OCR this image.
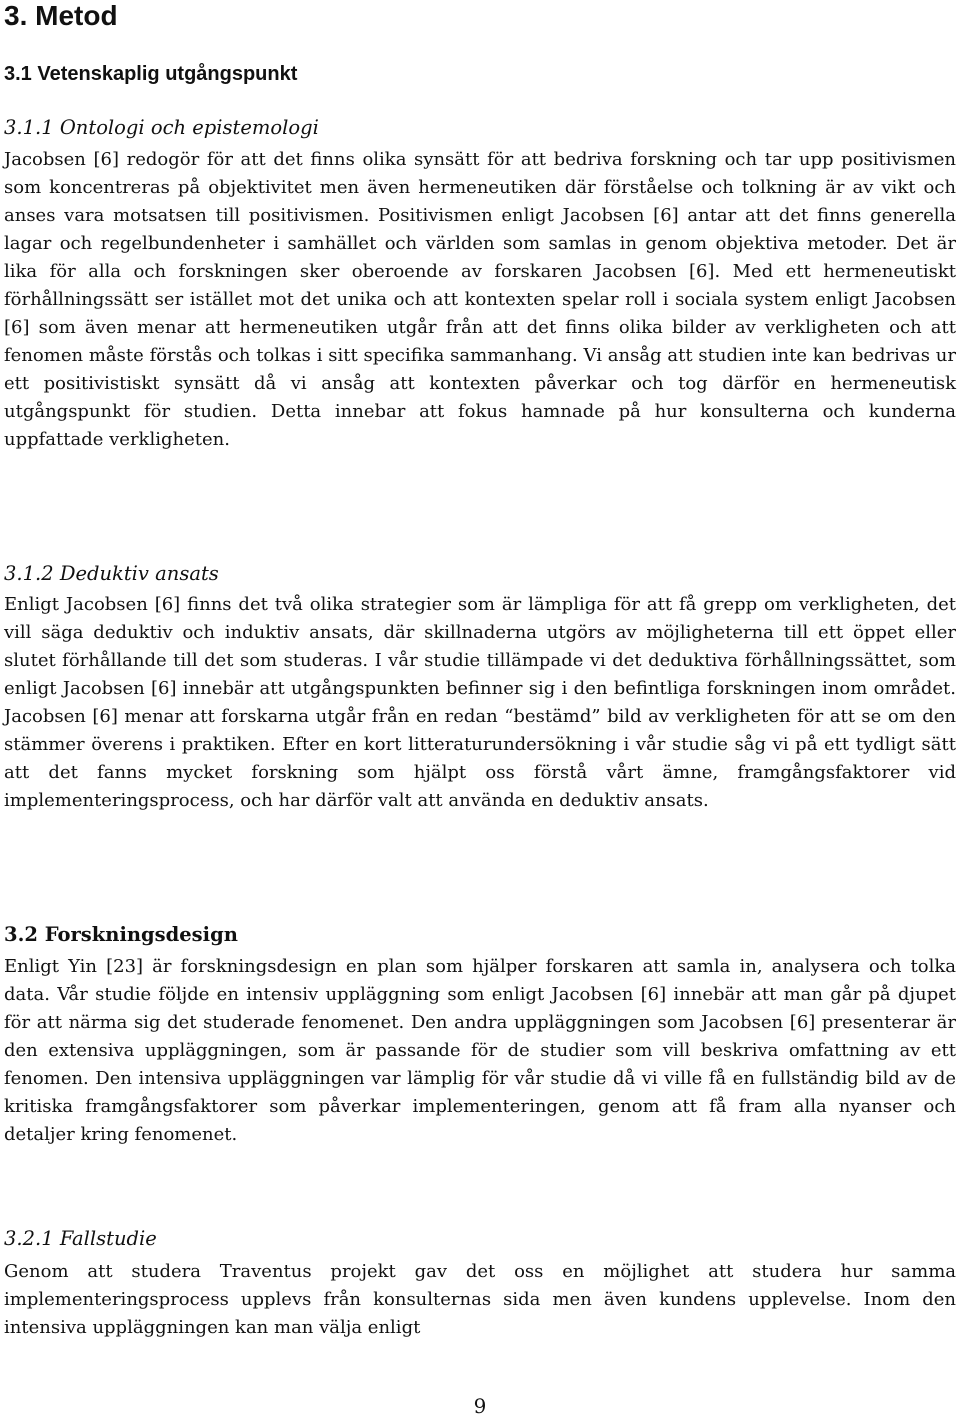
3. Metod
3.1 Vetenskaplig utgångspunkt
3.1.1 Ontologi och epistemologi

Jacobsen [6] redogör för att det finns olika synsätt för att bedriva forskning och tar upp positivismen som koncentreras på objektivitet men även hermeneutiken där förståelse och tolkning är av vikt och anses vara motsatsen till positivismen. Positivismen enligt Jacobsen [6] antar att det finns generella lagar och regelbundenheter i samhället och världen som samlas in genom objektiva metoder. Det är lika för alla och forskningen sker oberoende av forskaren Jacobsen [6]. Med ett hermeneutiskt förhållningssätt ser istället mot det unika och att kontexten spelar roll i sociala system enligt Jacobsen [6] som även menar att hermeneutiken utgår från att det finns olika bilder av verkligheten och att fenomen måste förstås och tolkas i sitt specifika sammanhang. Vi ansåg att studien inte kan bedrivas ur ett positivistiskt synsätt då vi ansåg att kontexten påverkar och tog därför en hermeneutisk utgångspunkt för studien. Detta innebar att fokus hamnade på hur konsulterna och kunderna uppfattade verkligheten.

3.1.2 Deduktiv ansats

Enligt Jacobsen [6] finns det två olika strategier som är lämpliga för att få grepp om verkligheten, det vill säga deduktiv och induktiv ansats, där skillnaderna utgörs av möjligheterna till ett öppet eller slutet förhållande till det som studeras. I vår studie tillämpade vi det deduktiva förhållningssättet, som enligt Jacobsen [6] innebär att utgångspunkten befinner sig i den befintliga forskningen inom området. Jacobsen [6] menar att forskarna utgår från en redan “bestämd” bild av verkligheten för att se om den stämmer överens i praktiken. Efter en kort litteraturundersökning i vår studie såg vi på ett tydligt sätt att det fanns mycket forskning som hjälpt oss förstå vårt ämne, framgångsfaktorer vid implementeringsprocess, och har därför valt att använda en deduktiv ansats.

3.2 Forskningsdesign

Enligt Yin [23] är forskningsdesign en plan som hjälper forskaren att samla in, analysera och tolka data. Vår studie följde en intensiv uppläggning som enligt Jacobsen [6] innebär att man går på djupet för att närma sig det studerade fenomenet. Den andra uppläggningen som Jacobsen [6] presenterar är den extensiva uppläggningen, som är passande för de studier som vill beskriva omfattning av ett fenomen. Den intensiva uppläggningen var lämplig för vår studie då vi ville få en fullständig bild av de kritiska framgångsfaktorer som påverkar implementeringen, genom att få fram alla nyanser och detaljer kring fenomenet.

3.2.1 Fallstudie

Genom att studera Traventus projekt gav det oss en möjlighet att studera hur samma implementeringsprocess upplevs från konsulternas sida men även kundens upplevelse. Inom den intensiva uppläggningen kan man välja enligt

9
